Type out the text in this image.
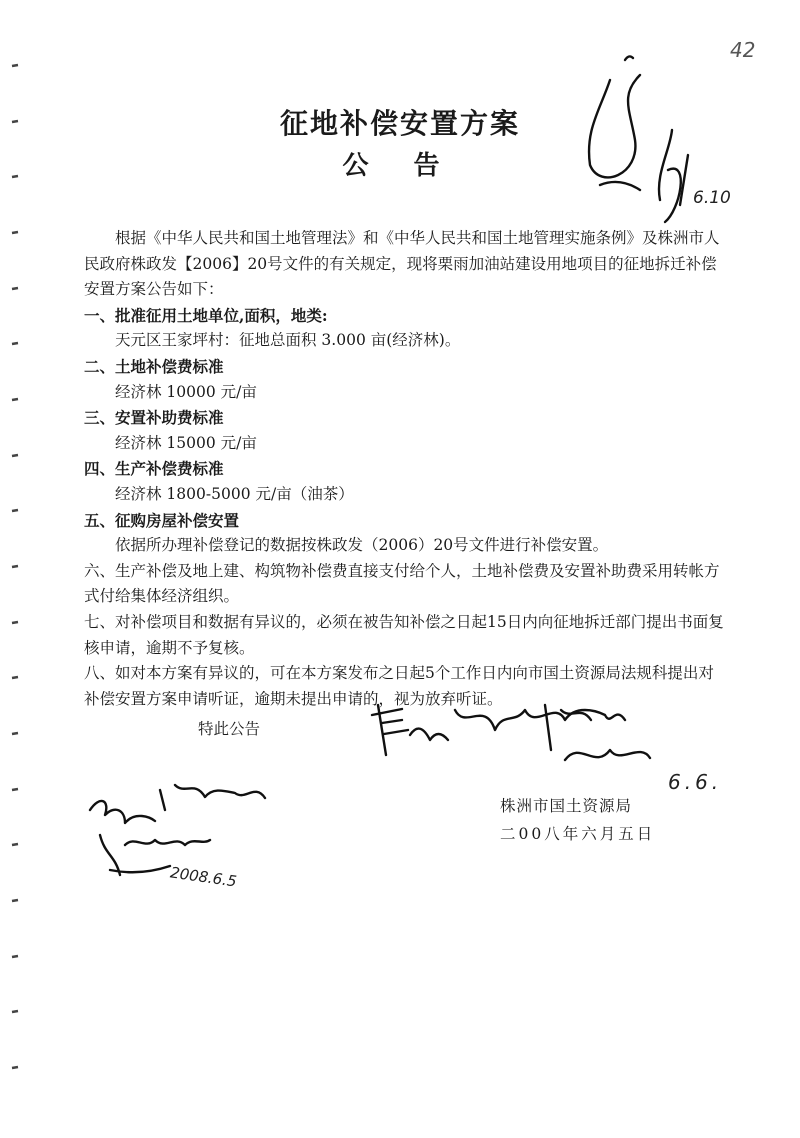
42
征地补偿安置方案
公 告

根据《中华人民共和国土地管理法》和《中华人民共和国土地管理实施条例》及株洲市人民政府株政发【2006】20号文件的有关规定，现将栗雨加油站建设用地项目的征地拆迁补偿安置方案公告如下：

一、批准征用土地单位,面积，地类:

天元区王家坪村：征地总面积 3.000 亩(经济林)。

二、土地补偿费标准

经济林 10000 元/亩

三、安置补助费标准

经济林 15000 元/亩

四、生产补偿费标准

经济林 1800-5000 元/亩（油茶）

五、征购房屋补偿安置

依据所办理补偿登记的数据按株政发（2006）20号文件进行补偿安置。

六、生产补偿及地上建、构筑物补偿费直接支付给个人，土地补偿费及安置补助费采用转帐方式付给集体经济组织。

七、对补偿项目和数据有异议的，必须在被告知补偿之日起15日内向征地拆迁部门提出书面复核申请，逾期不予复核。

八、如对本方案有异议的，可在本方案发布之日起5个工作日内向市国土资源局法规科提出对补偿安置方案申请听证，逾期未提出申请的，视为放弃听证。

特此公告
株洲市国土资源局
二00八年六月五日
6.10
6.6.
2008.6.5
